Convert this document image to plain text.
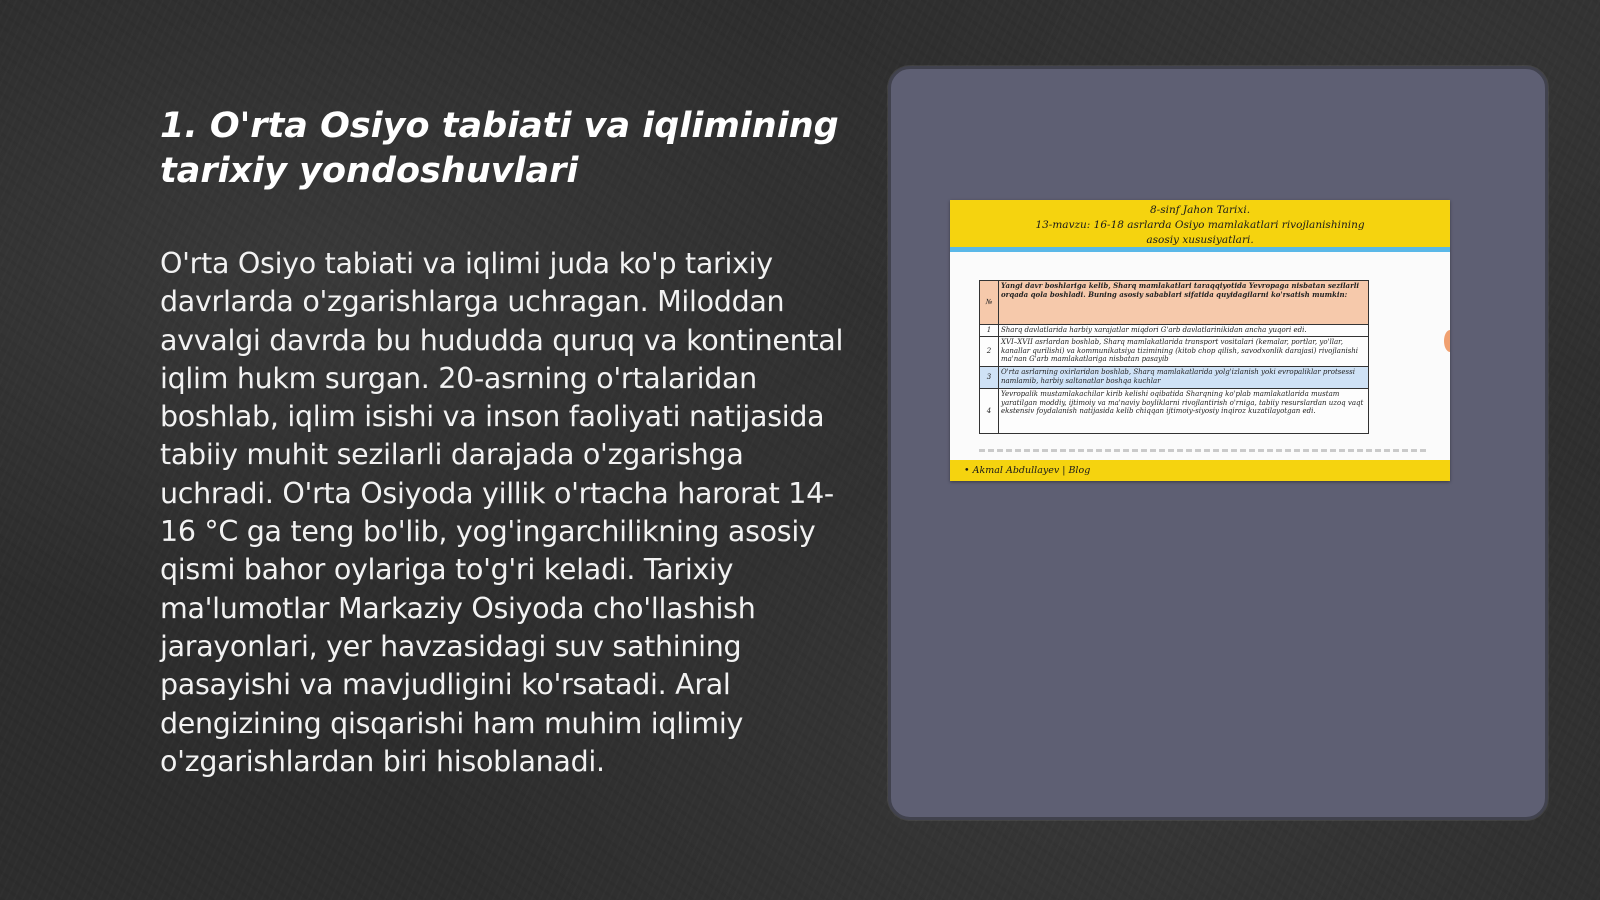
1. O'rta Osiyo tabiati va iqlimining tarixiy yondoshuvlari

O'rta Osiyo tabiati va iqlimi juda ko'p tarixiy davrlarda o'zgarishlarga uchragan. Miloddan avvalgi davrda bu hududda quruq va kontinental iqlim hukm surgan. 20-asrning o'rtalaridan boshlab, iqlim isishi va inson faoliyati natijasida tabiiy muhit sezilarli darajada o'zgarishga uchradi. O'rta Osiyoda yillik o'rtacha harorat 14-16 °C ga teng bo'lib, yog'ingarchilikning asosiy qismi bahor oylariga to'g'ri keladi. Tarixiy ma'lumotlar Markaziy Osiyoda cho'llashish jarayonlari, yer havzasidagi suv sathining pasayishi va mavjudligini ko'rsatadi. Aral dengizining qisqarishi ham muhim iqlimiy o'zgarishlardan biri hisoblanadi.

8-sinf Jahon Tarixi.
13-mavzu: 16-18 asrlarda Osiyo mamlakatlari rivojlanishining
asosiy xususiyatlari.
№
Yangi davr boshlariga kelib, Sharq mamlakatlari taraqqiyotida Yevropaga nisbatan sezilarli orqada qola boshladi. Buning asosiy sabablari sifatida quyidagilarni ko'rsatish mumkin:
1	Sharq davlatlarida harbiy xarajatlar miqdori G'arb davlatlarinikidan ancha yuqori edi.
2
XVI–XVII asrlardan boshlab, Sharq mamlakatlarida transport vositalari (kemalar, portlar, yo'llar, kanallar qurilishi) va kommunikatsiya tizimining (kitob chop qilish, savodxonlik darajasi) rivojlanishi ma'nan G'arb mamlakatlariga nisbatan pasayib
3
O'rta asrlarning oxirlaridan boshlab, Sharq mamlakatlarida yolg'izlanish yoki evropaliklar protsessi namlamib, harbiy saltanatlar boshqa kuchlar
4
Yevropalik mustamlakachilar kirib kelishi oqibatida Sharqning ko'plab mamlakatlarida mustam yaratilgan moddiy, ijtimoiy va ma'naviy boyliklarni rivojlantirish o'rniga, tabiiy resurslardan uzoq vaqt ekstensiv foydalanish natijasida kelib chiqqan ijtimoiy-siyosiy inqiroz kuzatilayotgan edi.
• Akmal Abdullayev | Blog
